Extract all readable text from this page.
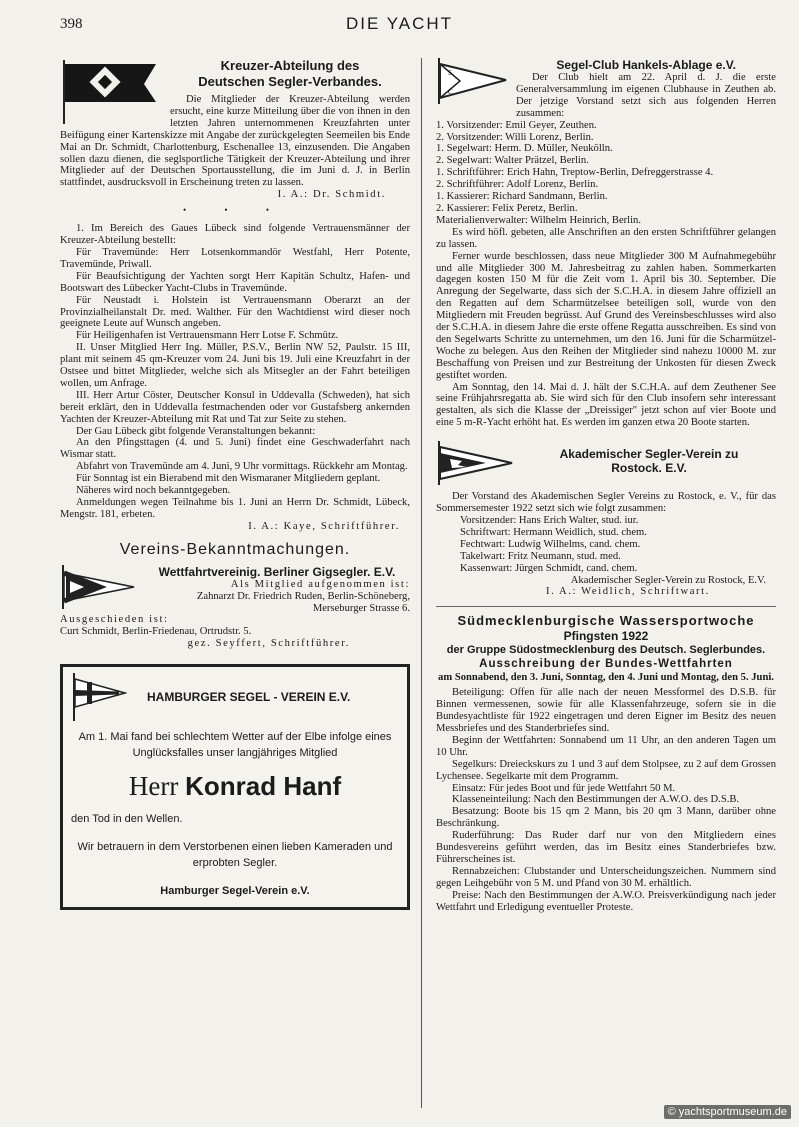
398	DIE YACHT
Kreuzer-Abteilung des
Deutschen Segler-Verbandes.

Die Mitglieder der Kreuzer-Abteilung werden ersucht, eine kurze Mitteilung über die von ihnen in den letzten Jahren unternommenen Kreuzfahrten unter Beifügung einer Kartenskizze mit Angabe der zurückgelegten Seemeilen bis Ende Mai an Dr. Schmidt, Charlottenburg, Eschenallee 13, einzusenden. Die Angaben sollen dazu dienen, die seglsportliche Tätigkeit der Kreuzer-Abteilung und ihrer Mitglieder auf der Deutschen Sportausstellung, die im Juni d. J. in Berlin stattfindet, ausdrucksvoll in Erscheinung treten zu lassen.

I. A.: Dr. Schmidt.

• • •

1. Im Bereich des Gaues Lübeck sind folgende Vertrauensmänner der Kreuzer-Abteilung bestellt:

Für Travemünde: Herr Lotsenkommandör Westfahl, Herr Potente, Travemünde, Priwall.

Für Beaufsichtigung der Yachten sorgt Herr Kapitän Schultz, Hafen- und Bootswart des Lübecker Yacht-Clubs in Travemünde.

Für Neustadt i. Holstein ist Vertrauensmann Oberarzt an der Provinzialheilanstalt Dr. med. Walther. Für den Wachtdienst wird dieser noch geeignete Leute auf Wunsch angeben.

Für Heiligenhafen ist Vertrauensmann Herr Lotse F. Schmütz.

II. Unser Mitglied Herr Ing. Müller, P.S.V., Berlin NW 52, Paulstr. 15 III, plant mit seinem 45 qm-Kreuzer vom 24. Juni bis 19. Juli eine Kreuzfahrt in der Ostsee und bittet Mitglieder, welche sich als Mitsegler an der Fahrt beteiligen wollen, um Anfrage.

III. Herr Artur Cöster, Deutscher Konsul in Uddevalla (Schweden), hat sich bereit erklärt, den in Uddevalla festmachenden oder vor Gustafsberg ankernden Yachten der Kreuzer-Abteilung mit Rat und Tat zur Seite zu stehen.

Der Gau Lübeck gibt folgende Veranstaltungen bekannt:

An den Pfingsttagen (4. und 5. Juni) findet eine Geschwaderfahrt nach Wismar statt.

Abfahrt von Travemünde am 4. Juni, 9 Uhr vormittags. Rückkehr am Montag.

Für Sonntag ist ein Bierabend mit den Wismaraner Mitgliedern geplant.

Näheres wird noch bekanntgegeben.

Anmeldungen wegen Teilnahme bis 1. Juni an Herrn Dr. Schmidt, Lübeck, Mengstr. 181, erbeten.

I. A.: Kaye, Schriftführer.

Vereins-Bekanntmachungen.
Wettfahrtvereinig. Berliner Gigsegler. E.V.

Als Mitglied aufgenommen ist:

Zahnarzt Dr. Friedrich Ruden, Berlin-Schöneberg, Merseburger Strasse 6.

Ausgeschieden ist:

Curt Schmidt, Berlin-Friedenau, Ortrudstr. 5.

gez. Seyffert, Schriftführer.

HAMBURGER SEGEL - VEREIN E.V.
Am 1. Mai fand bei schlechtem Wetter auf der Elbe infolge eines Unglücksfalles unser langjähriges Mitglied
Herr Konrad Hanf
den Tod in den Wellen.
Wir betrauern in dem Verstorbenen einen lieben Kameraden und erprobten Segler.
Hamburger Segel-Verein e.V.
S
C
Segel-Club Hankels-Ablage e.V.

Der Club hielt am 22. April d. J. die erste Generalversammlung im eigenen Clubhause in Zeuthen ab. Der jetzige Vorstand setzt sich aus folgenden Herren zusammen:

1. Vorsitzender: Emil Geyer, Zeuthen.

2. Vorsitzender: Willi Lorenz, Berlin.

1. Segelwart: Herm. D. Müller, Neukölln.

2. Segelwart: Walter Prätzel, Berlin.

1. Schriftführer: Erich Hahn, Treptow-Berlin, Defreggerstrasse 4.

2. Schriftführer: Adolf Lorenz, Berlin.

1. Kassierer: Richard Sandmann, Berlin.

2. Kassierer: Felix Peretz, Berlin.

Materialienverwalter: Wilhelm Heinrich, Berlin.

Es wird höfl. gebeten, alle Anschriften an den ersten Schriftführer gelangen zu lassen.

Ferner wurde beschlossen, dass neue Mitglieder 300 M Aufnahmegebühr und alle Mitglieder 300 M. Jahresbeitrag zu zahlen haben. Sommerkarten dagegen kosten 150 M für die Zeit vom 1. April bis 30. September. Die Anregung der Segelwarte, dass sich der S.C.H.A. in diesem Jahre offiziell an den Regatten auf dem Scharmützelsee beteiligen soll, wurde von den Mitgliedern mit Freuden begrüsst. Auf Grund des Vereinsbeschlusses wird also der S.C.H.A. in diesem Jahre die erste offene Regatta ausschreiben. Es sind von den Segelwarts Schritte zu unternehmen, um den 16. Juni für die Scharmützel-Woche zu belegen. Aus den Reihen der Mitglieder sind nahezu 10000 M. zur Beschaffung von Preisen und zur Bestreitung der Unkosten für diesen Zweck gestiftet worden.

Am Sonntag, den 14. Mai d. J. hält der S.C.H.A. auf dem Zeuthener See seine Frühjahrsregatta ab. Sie wird sich für den Club insofern sehr interessant gestalten, als sich die Klasse der „Dreissiger" jetzt schon auf vier Boote und eine 5 m-R-Yacht erhöht hat. Es werden im ganzen etwa 20 Boote starten.

Akademischer Segler-Verein zu
Rostock. E.V.

Der Vorstand des Akademischen Segler Vereins zu Rostock, e. V., für das Sommersemester 1922 setzt sich wie folgt zusammen:

Vorsitzender: Hans Erich Walter, stud. iur.

Schriftwart: Hermann Weidlich, stud. chem.

Fechtwart: Ludwig Wilhelms, cand. chem.

Takelwart: Fritz Neumann, stud. med.

Kassenwart: Jürgen Schmidt, cand. chem.

Akademischer Segler-Verein zu Rostock, E.V.

I. A.: Weidlich, Schriftwart.

Südmecklenburgische Wassersportwoche
Pfingsten 1922
der Gruppe Südostmecklenburg des Deutsch. Seglerbundes.
Ausschreibung der Bundes-Wettfahrten

am Sonnabend, den 3. Juni, Sonntag, den 4. Juni und Montag, den 5. Juni.

Beteiligung: Offen für alle nach der neuen Messformel des D.S.B. für Binnen vermessenen, sowie für alle Klassenfahrzeuge, sofern sie in die Bundesyachtliste für 1922 eingetragen und deren Eigner im Besitz des neuen Messbriefes und des Standerbriefes sind.

Beginn der Wettfahrten: Sonnabend um 11 Uhr, an den anderen Tagen um 10 Uhr.

Segelkurs: Dreieckskurs zu 1 und 3 auf dem Stolpsee, zu 2 auf dem Grossen Lychensee. Segelkarte mit dem Programm.

Einsatz: Für jedes Boot und für jede Wettfahrt 50 M.

Klasseneinteilung: Nach den Bestimmungen der A.W.O. des D.S.B.

Besatzung: Boote bis 15 qm 2 Mann, bis 20 qm 3 Mann, darüber ohne Beschränkung.

Ruderführung: Das Ruder darf nur von den Mitgliedern eines Bundesvereins geführt werden, das im Besitz eines Standerbriefes bzw. Führerscheines ist.

Rennabzeichen: Clubstander und Unterscheidungszeichen. Nummern sind gegen Leihgebühr von 5 M. und Pfand von 30 M. erhältlich.

Preise: Nach den Bestimmungen der A.W.O. Preisverkündigung nach jeder Wettfahrt und Erledigung eventueller Proteste.

© yachtsportmuseum.de
